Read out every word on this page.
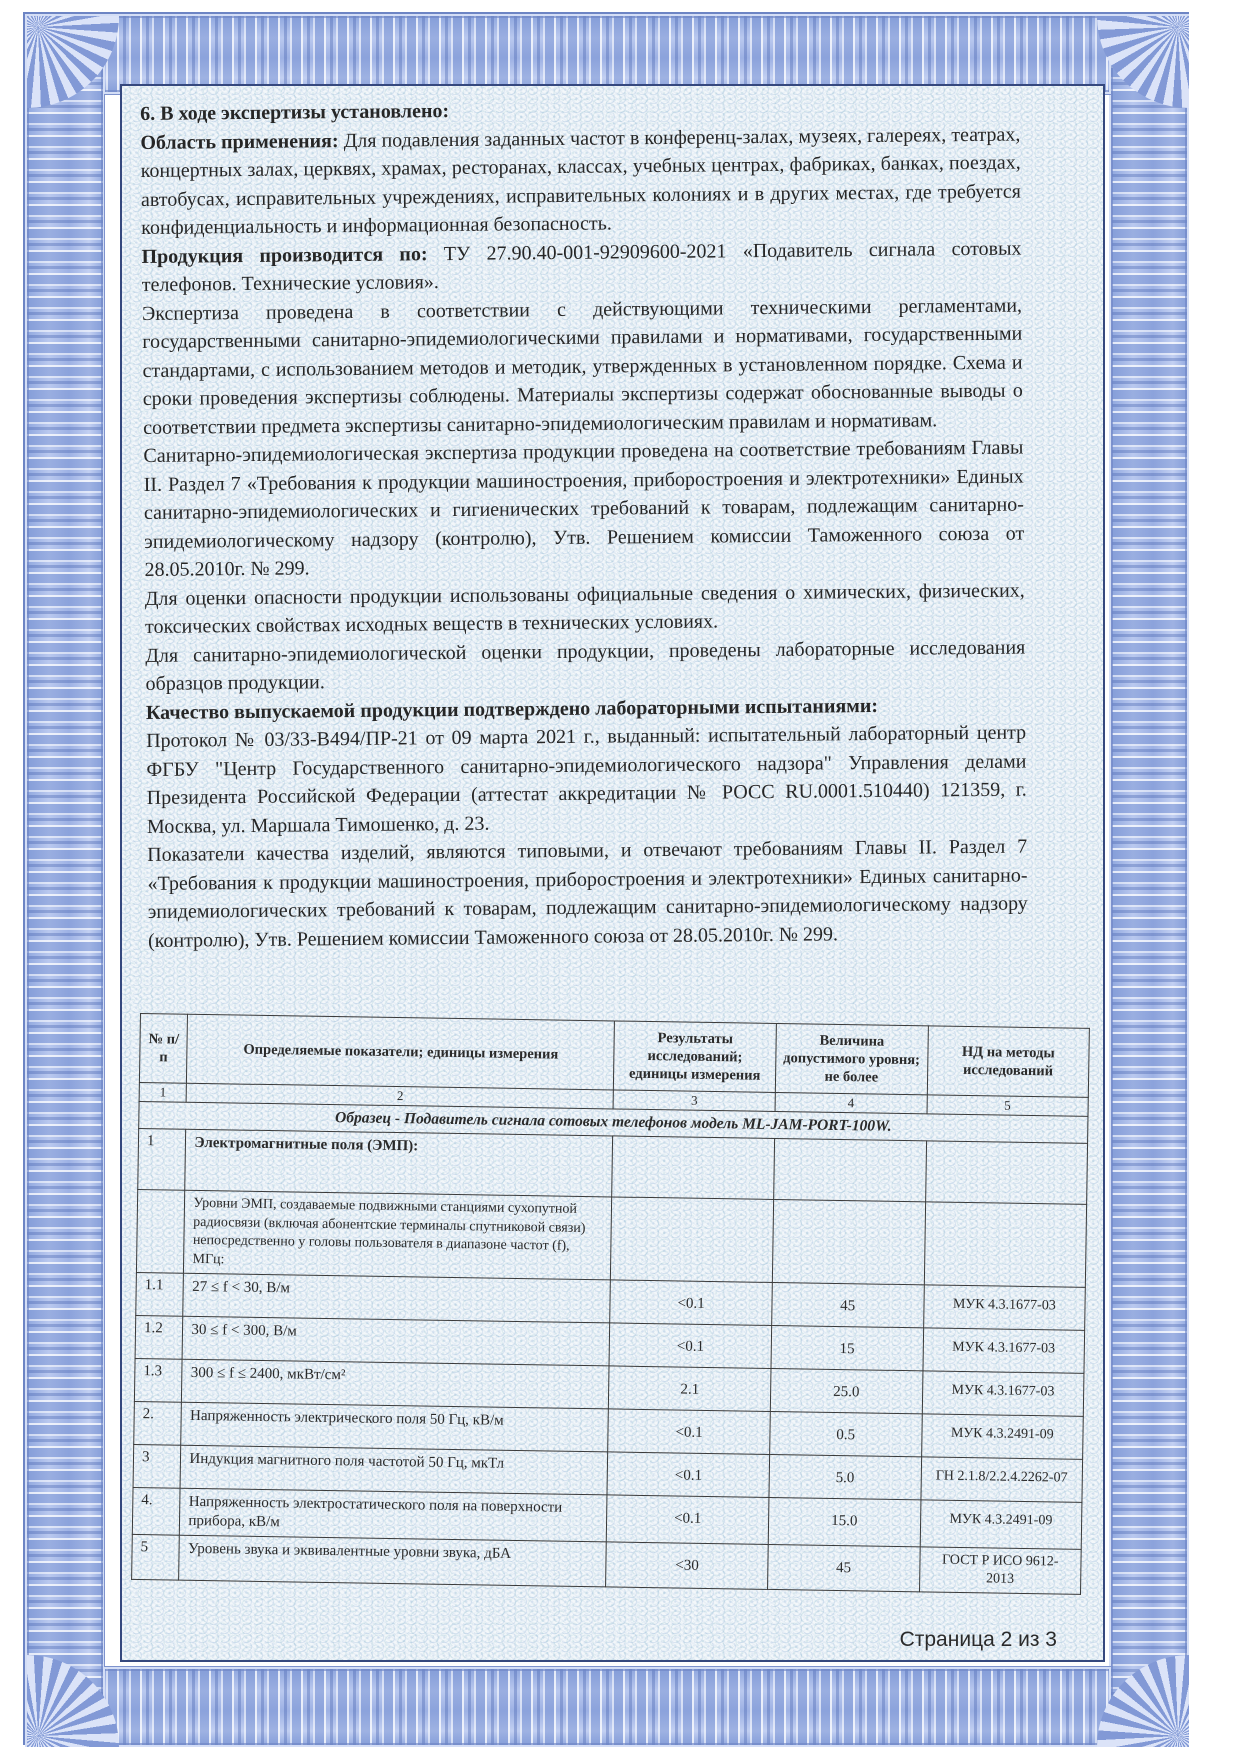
6. В ходе экспертизы установлено:

Область применения: Для подавления заданных частот в конференц-залах, музеях, галереях, театрах, концертных залах, церквях, храмах, ресторанах, классах, учебных центрах, фабриках, банках, поездах, автобусах, исправительных учреждениях, исправительных колониях и в других местах, где требуется конфиденциальность и информационная безопасность.

Продукция производится по: ТУ 27.90.40-001-92909600-2021 «Подавитель сигнала сотовых телефонов. Технические условия».

Экспертиза проведена в соответствии с действующими техническими регламентами, государственными санитарно-эпидемиологическими правилами и нормативами, государственными стандартами, с использованием методов и методик, утвержденных в установленном порядке. Схема и сроки проведения экспертизы соблюдены. Материалы экспертизы содержат обоснованные выводы о соответствии предмета экспертизы санитарно-эпидемиологическим правилам и нормативам.

Санитарно-эпидемиологическая экспертиза продукции проведена на соответствие требованиям Главы II. Раздел 7 «Требования к продукции машиностроения, приборостроения и электротехники» Единых санитарно-эпидемиологических и гигиенических требований к товарам, подлежащим санитарно-эпидемиологическому надзору (контролю), Утв. Решением комиссии Таможенного союза от 28.05.2010г. № 299.

Для оценки опасности продукции использованы официальные сведения о химических, физических, токсических свойствах исходных веществ в технических условиях.

Для санитарно-эпидемиологической оценки продукции, проведены лабораторные исследования образцов продукции.

Качество выпускаемой продукции подтверждено лабораторными испытаниями:

Протокол № 03/33-В494/ПР-21 от 09 марта 2021 г., выданный: испытательный лабораторный центр ФГБУ "Центр Государственного санитарно-эпидемиологического надзора" Управления делами Президента Российской Федерации (аттестат аккредитации № РОСС RU.0001.510440) 121359, г. Москва, ул. Маршала Тимошенко, д. 23.

Показатели качества изделий, являются типовыми, и отвечают требованиям Главы II. Раздел 7 «Требования к продукции машиностроения, приборостроения и электротехники» Единых санитарно-эпидемиологических требований к товарам, подлежащим санитарно-эпидемиологическому надзору (контролю), Утв. Решением комиссии Таможенного союза от 28.05.2010г. № 299.

№ п/п	Определяемые показатели; единицы измерения	Результаты исследований; единицы измерения	Величина допустимого уровня; не более	НД на методы исследований
1	2	3	4	5
Образец - Подавитель сигнала сотовых телефонов модель ML-JAM-PORT-100W.				
1	Электромагнитные поля (ЭМП):			
	Уровни ЭМП, создаваемые подвижными станциями сухопутной радиосвязи (включая абонентские терминалы спутниковой связи) непосредственно у головы пользователя в диапазоне частот (f), МГц:			
1.1	27 ≤ f < 30, В/м	<0.1	45	МУК 4.3.1677-03
1.2	30 ≤ f < 300, В/м	<0.1	15	МУК 4.3.1677-03
1.3	300 ≤ f ≤ 2400, мкВт/см²	2.1	25.0	МУК 4.3.1677-03
2.	Напряженность электрического поля 50 Гц, кВ/м	<0.1	0.5	МУК 4.3.2491-09
3	Индукция магнитного поля частотой 50 Гц, мкТл	<0.1	5.0	ГН 2.1.8/2.2.4.2262-07
4.	Напряженность электростатического поля на поверхности прибора, кВ/м	<0.1	15.0	МУК 4.3.2491-09
5	Уровень звука и эквивалентные уровни звука, дБА	<30	45	ГОСТ Р ИСО 9612-2013
Страница 2 из 3
